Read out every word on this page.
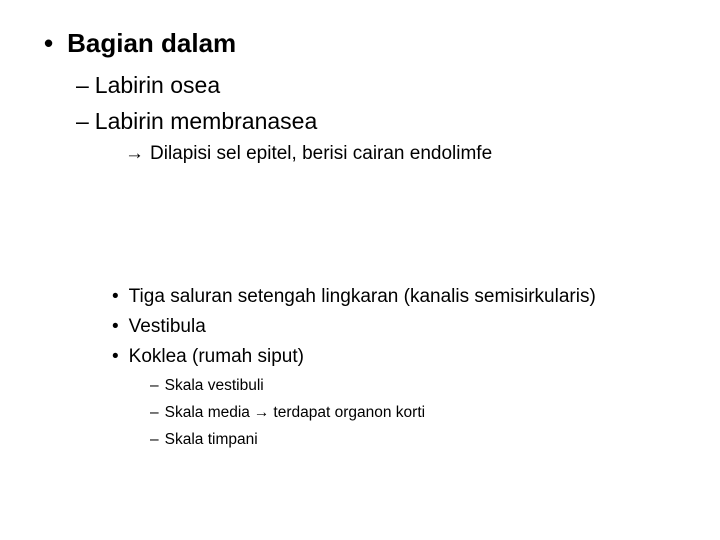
• Bagian dalam
– Labirin osea
– Labirin membranasea
→ Dilapisi sel epitel, berisi cairan endolimfe
• Tiga saluran setengah lingkaran (kanalis semisirkularis)
• Vestibula
• Koklea (rumah siput)
– Skala vestibuli
– Skala media → terdapat organon korti
– Skala timpani
